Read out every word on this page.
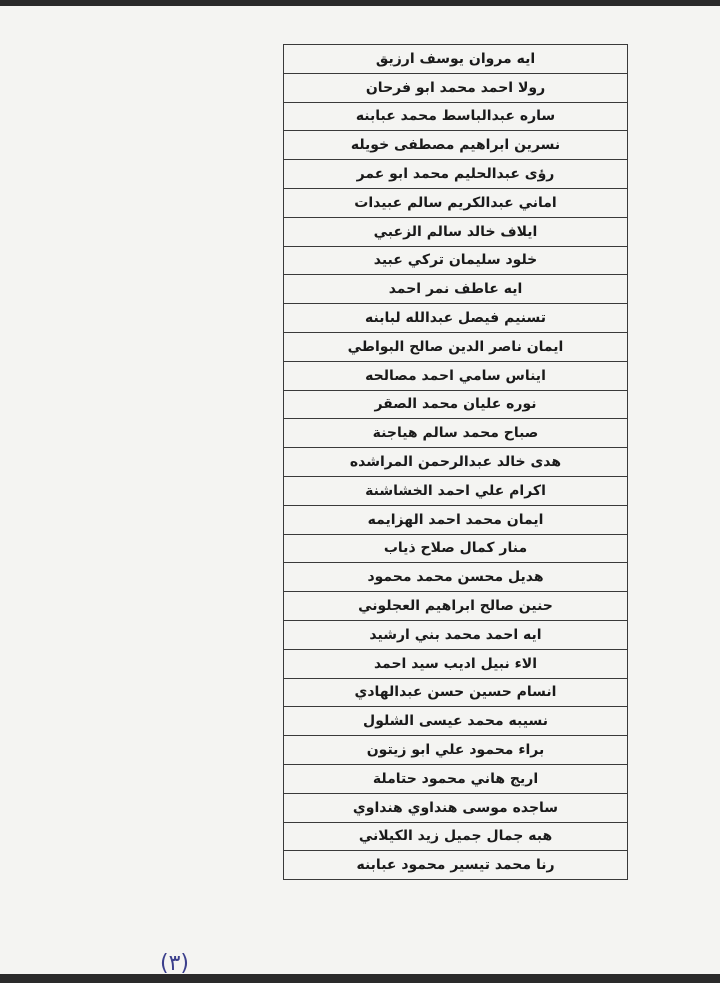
ايه مروان يوسف ارزيق
رولا احمد محمد ابو فرحان
ساره عبدالباسط محمد عبابنه
نسرين ابراهيم مصطفى خويله
رؤى عبدالحليم محمد ابو عمر
اماني عبدالكريم سالم عبيدات
ايلاف خالد سالم الزعبي
خلود سليمان تركي عبيد
ايه عاطف نمر احمد
تسنيم فيصل عبدالله لبابنه
ايمان ناصر الدين صالح البواطي
ايناس سامي احمد مصالحه
نوره عليان محمد الصقر
صباح محمد سالم هياجنة
هدى خالد عبدالرحمن المراشده
اكرام علي احمد الخشاشنة
ايمان محمد احمد الهزايمه
منار كمال صلاح ذياب
هديل محسن محمد محمود
حنين صالح ابراهيم العجلوني
ايه احمد محمد بني ارشيد
الاء نبيل اديب سيد احمد
انسام حسين حسن عبدالهادي
نسيبه محمد عيسى الشلول
براء محمود علي ابو زيتون
اريج هاني محمود حتاملة
ساجده موسى هنداوي هنداوي
هبه جمال جميل زيد الكيلاني
رنا محمد تيسير محمود عبابنه
(٣)
